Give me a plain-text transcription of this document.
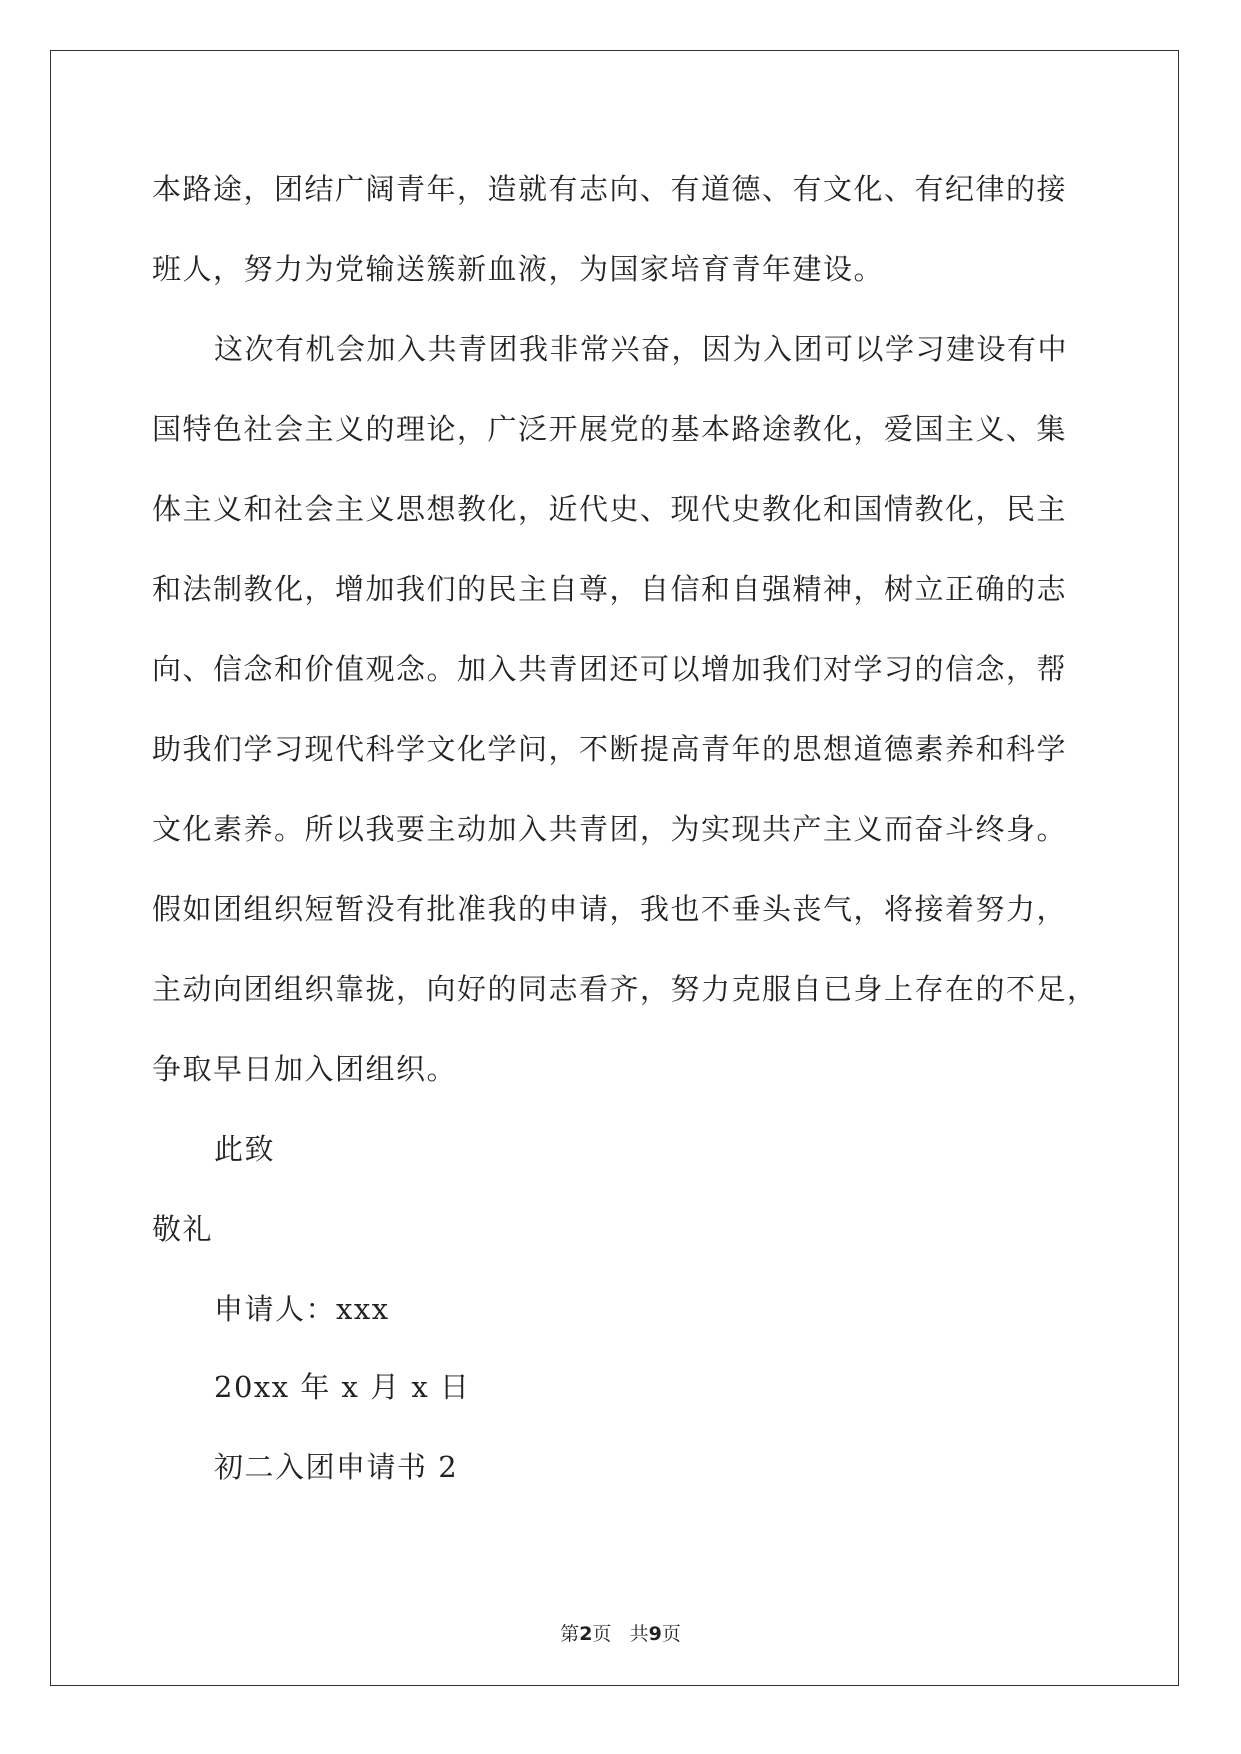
本路途，团结广阔青年，造就有志向、有道德、有文化、有纪律的接
班人，努力为党输送簇新血液，为国家培育青年建设。
这次有机会加入共青团我非常兴奋，因为入团可以学习建设有中
国特色社会主义的理论，广泛开展党的基本路途教化，爱国主义、集
体主义和社会主义思想教化，近代史、现代史教化和国情教化，民主
和法制教化，增加我们的民主自尊，自信和自强精神，树立正确的志
向、信念和价值观念。加入共青团还可以增加我们对学习的信念，帮
助我们学习现代科学文化学问，不断提高青年的思想道德素养和科学
文化素养。所以我要主动加入共青团，为实现共产主义而奋斗终身。
假如团组织短暂没有批准我的申请，我也不垂头丧气，将接着努力，
主动向团组织靠拢，向好的同志看齐，努力克服自已身上存在的不足，
争取早日加入团组织。
此致
敬礼
申请人：xxx
20xx 年 x 月 x 日
初二入团申请书 2
第2页 共9页
